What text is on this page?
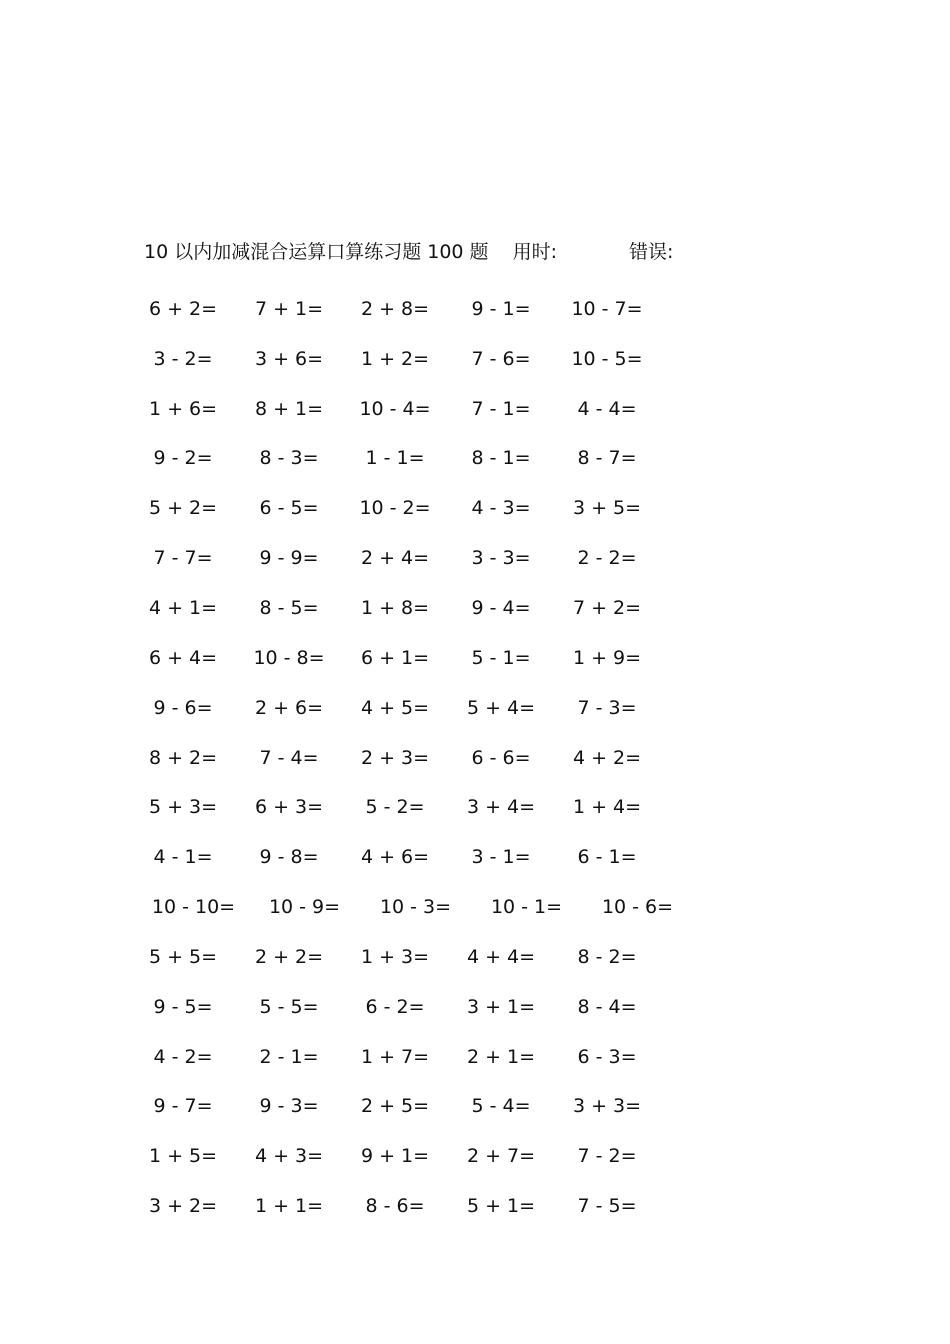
10 以内加减混合运算口算练习题 100 题 用时:	错误:
6 + 2=	7 + 1=	2 + 8=	9 - 1=	10 - 7=
3 - 2=	3 + 6=	1 + 2=	7 - 6=	10 - 5=
1 + 6=	8 + 1=	10 - 4=	7 - 1=	4 - 4=
9 - 2=	8 - 3=	1 - 1=	8 - 1=	8 - 7=
5 + 2=	6 - 5=	10 - 2=	4 - 3=	3 + 5=
7 - 7=	9 - 9=	2 + 4=	3 - 3=	2 - 2=
4 + 1=	8 - 5=	1 + 8=	9 - 4=	7 + 2=
6 + 4=	10 - 8=	6 + 1=	5 - 1=	1 + 9=
9 - 6=	2 + 6=	4 + 5=	5 + 4=	7 - 3=
8 + 2=	7 - 4=	2 + 3=	6 - 6=	4 + 2=
5 + 3=	6 + 3=	5 - 2=	3 + 4=	1 + 4=
4 - 1=	9 - 8=	4 + 6=	3 - 1=	6 - 1=
10 - 10=	10 - 9=	10 - 3=	10 - 1=	10 - 6=
5 + 5=	2 + 2=	1 + 3=	4 + 4=	8 - 2=
9 - 5=	5 - 5=	6 - 2=	3 + 1=	8 - 4=
4 - 2=	2 - 1=	1 + 7=	2 + 1=	6 - 3=
9 - 7=	9 - 3=	2 + 5=	5 - 4=	3 + 3=
1 + 5=	4 + 3=	9 + 1=	2 + 7=	7 - 2=
3 + 2=	1 + 1=	8 - 6=	5 + 1=	7 - 5=
